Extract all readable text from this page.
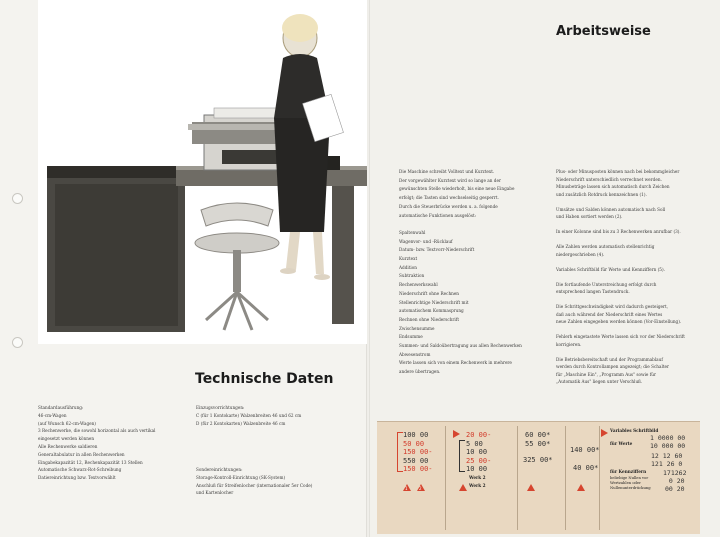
Technische Daten
Standardausführung:
46-cm-Wagen
(auf Wunsch 62-cm-Wagen)
3 Rechenwerke, die sowohl horizontal als auch vertikal
eingesetzt werden können
Alle Rechenwerke saldieren
Generaltabulatur in allen Rechenwerken
Eingabekapazität 12, Rechenkapazität 13 Stellen
Automatische Schwarz-Rot-Schreibung
Datiereinrichtung bzw. Textvorwählt
Einzugsvorrichtungen:
C (für 1 Kontokarte) Walzenbreiten 46 und 62 cm
D (für 2 Kontokarten) Walzenbreite 46 cm
Sondereinrichtungen:
Storage-Kontroll-Einrichtung (SK-System)
Anschluß für Streifenlocher (internationaler 5er Code)
und Kartenlocher
Arbeitsweise
Die Maschine schreibt Volltext und Kurztext.
Der vorgewählter Kurztext wird so lange an der
gewünschten Stelle wiederholt, bis eine neue Eingabe
erfolgt; die Tasten sind wechselseitig gesperrt.
Durch die Steuerbrücke werden u. a. folgende
automatische Funktionen ausgelöst:

Spaltenwahl
Wagenvor- und -Rücklauf
Datum- bzw. Textvorr-Niederschrift
Kurztext
Addition
Subtraktion
Rechenwerkswahl
Niederschrift ohne Rechnen
Stellenrichtige Niederschrift mit
automatischem Kommasprung
Rechnen ohne Niederschrift
Zwischensumme
Endsumme
Summen- und Saldoübertragung aus allen Rechenwerken
Abwesenstrom
Werte lassen sich von einem Rechenwerk in mehrere
andere übertragen.
Plus- oder Minusposten können nach bei bekommgleicher
Niederschrift unterschiedlich verrechnet werden.
Minusbeträge lassen sich automatisch durch Zeichen
und zusätzlich Rotdruck kennzeichnen (1).

Umsätze und Salden können automatisch nach Soll
und Haben sortiert werden (2).

In einer Kolonne sind bis zu 3 Rechenwerken anrufbar (3).

Alle Zahlen werden automatisch stellenrichtig
niedergeschrieben (4).

Variables Schriftbild für Werte und Kennziffern (5).

Die fortlaufende Unterstreichung erfolgt durch
entsprechend langen Tastendruck.

Die Schrittgeschwindigkeit wird dadurch gesteigert,
daß auch während der Niederschrift eines Wertes
neue Zahlen eingegeben werden können (Vor-Einstellung).

Fehlerh eingetastete Werte lassen sich vor der Niederschrift
korrigieren.

Die Betriebsbereitschaft und der Programmablauf
werden durch Kontrollampen angezeigt; die Schalter
für „Maschine Ein", „Programm Aus" sowie für
„Automatik Aus" liegen unter Verschluß.
100 00
50 00
150 00-
550 00
150 00-
1	2
20 00-
5 00
10 00
25 00-
10 00
Werk 2
Werk 2
60 00*
55 00*
325 00*
140 00*
40 00*
Variables Schriftbild
für Werte
1 0000 00
10 000 00
12 12 60
121 26 0
für Kennziffern	171262
beliebige Nullen vor Wertzahlen oder Nullenunterdrückung
0 20
00 20
